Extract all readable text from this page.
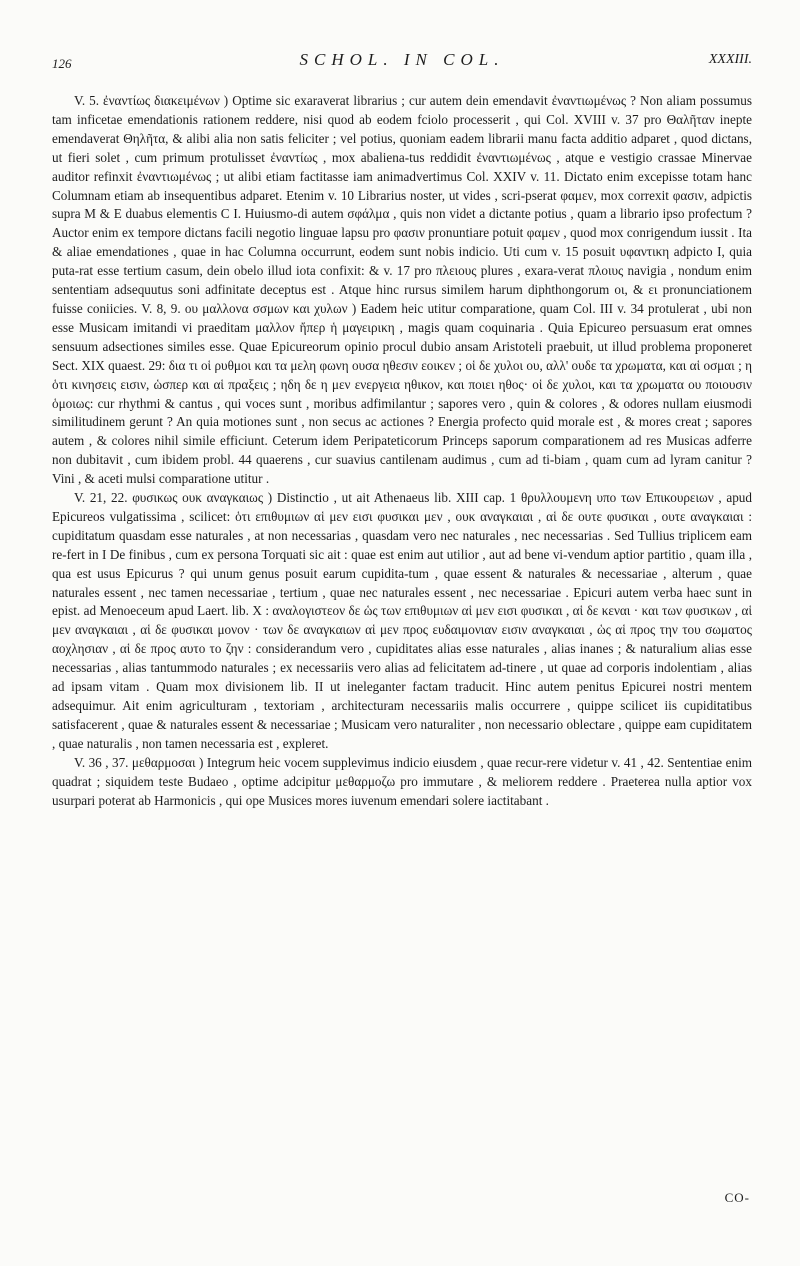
126	SCHOL. IN COL.	XXXIII.

V. 5. ἐναντίως διακειμένων ) Optime sic exaraverat librarius ; cur autem dein emendavit ἐναντιωμένως ? Non aliam possumus tam inficetae emendationis rationem reddere, nisi quod ab eodem fciolo processerit , qui Col. XVIII v. 37 pro Θαλῆταν inepte emendaverat Θηλῆτα, & alibi alia non satis feliciter ; vel potius, quoniam eadem librarii manu facta additio adparet , quod dictans, ut fieri solet , cum primum protulisset ἐναντίως , mox abaliena-tus reddidit ἐναντιωμένως , atque e vestigio crassae Minervae auditor refinxit ἐναντιωμένως ; ut alibi etiam factitasse iam animadvertimus Col. XXIV v. 11. Dictato enim excepisse totam hanc Columnam etiam ab insequentibus adparet. Etenim v. 10 Librarius noster, ut vides , scri-pserat φαμεν, mox correxit φασιν, adpictis supra M & E duabus elementis C I. Huiusmo-di autem σφάλμα , quis non videt a dictante potius , quam a librario ipso profectum ? Auctor enim ex tempore dictans facili negotio linguae lapsu pro φασιν pronuntiare potuit φαμεν , quod mox conrigendum iussit . Ita & aliae emendationes , quae in hac Columna occurrunt, eodem sunt nobis indicio. Uti cum v. 15 posuit υφαντικη adpicto I, quia puta-rat esse tertium casum, dein obelo illud iota confixit: & v. 17 pro πλειους plures , exara-verat πλοιυς navigia , nondum enim sententiam adsequutus soni adfinitate deceptus est . Atque hinc rursus similem harum diphthongorum οι, & ει pronunciationem fuisse coniicies. V. 8, 9. ου μαλλονα σσμων και χυλων ) Eadem heic utitur comparatione, quam Col. III v. 34 protulerat , ubi non esse Musicam imitandi vi praeditam μαλλον ἤπερ ἡ μαγειρικη , magis quam coquinaria . Quia Epicureo persuasum erat omnes sensuum adsectiones similes esse. Quae Epicureorum opinio procul dubio ansam Aristoteli praebuit, ut illud problema proponeret Sect. XIX quaest. 29: δια τι οἱ ρυθμοι και τα μελη φωνη ουσα ηθεσιν εοικεν ; οἱ δε χυλοι ου, αλλ' ουδε τα χρωματα, και αἱ οσμαι ; η ὁτι κινησεις εισιν, ὡσπερ και αἱ πραξεις ; ηδη δε η μεν ενεργεια ηθικον, και ποιει ηθος· οἱ δε χυλοι, και τα χρωματα ου ποιουσιν ὁμοιως: cur rhythmi & cantus , qui voces sunt , moribus adfimilantur ; sapores vero , quin & colores , & odores nullam eiusmodi similitudinem gerunt ? An quia motiones sunt , non secus ac actiones ? Energia profecto quid morale est , & mores creat ; sapores autem , & colores nihil simile efficiunt. Ceterum idem Peripateticorum Princeps saporum comparationem ad res Musicas adferre non dubitavit , cum ibidem probl. 44 quaerens , cur suavius cantilenam audimus , cum ad ti-biam , quam cum ad lyram canitur ? Vini , & aceti mulsi comparatione utitur .

V. 21, 22. φυσικως ουκ αναγκαιως ) Distinctio , ut ait Athenaeus lib. XIII cap. 1 θρυλλουμενη υπο των Επικουρειων , apud Epicureos vulgatissima , scilicet: ὁτι επιθυμιων αἱ μεν εισι φυσικαι μεν , ουκ αναγκαιαι , αἱ δε ουτε φυσικαι , ουτε αναγκαιαι : cupiditatum quasdam esse naturales , at non necessarias , quasdam vero nec naturales , nec necessarias . Sed Tullius triplicem eam re-fert in I De finibus , cum ex persona Torquati sic ait : quae est enim aut utilior , aut ad bene vi-vendum aptior partitio , quam illa , qua est usus Epicurus ? qui unum genus posuit earum cupidita-tum , quae essent & naturales & necessariae , alterum , quae naturales essent , nec tamen necessariae , tertium , quae nec naturales essent , nec necessariae . Epicuri autem verba haec sunt in epist. ad Menoeceum apud Laert. lib. X : αναλογιστεον δε ὡς των επιθυμιων αἱ μεν εισι φυσικαι , αἱ δε κεναι · και των φυσικων , αἱ μεν αναγκαιαι , αἱ δε φυσικαι μονον · των δε αναγκαιων αἱ μεν προς ευδαιμονιαν εισιν αναγκαιαι , ὡς αἱ προς την του σωματος αοχλησιαν , αἱ δε προς αυτο το ζην : considerandum vero , cupiditates alias esse naturales , alias inanes ; & naturalium alias esse necessarias , alias tantummodo naturales ; ex necessariis vero alias ad felicitatem ad-tinere , ut quae ad corporis indolentiam , alias ad ipsam vitam . Quam mox divisionem lib. II ut ineleganter factam traducit. Hinc autem penitus Epicurei nostri mentem adsequimur. Ait enim agriculturam , textoriam , architecturam necessariis malis occurrere , quippe scilicet iis cupiditatibus satisfacerent , quae & naturales essent & necessariae ; Musicam vero naturaliter , non necessario oblectare , quippe eam cupiditatem , quae naturalis , non tamen necessaria est , expleret.

V. 36 , 37. μεθαρμοσαι ) Integrum heic vocem supplevimus indicio eiusdem , quae recur-rere videtur v. 41 , 42. Sententiae enim quadrat ; siquidem teste Budaeo , optime adcipitur μεθαρμοζω pro immutare , & meliorem reddere . Praeterea nulla aptior vox usurpari poterat ab Harmonicis , qui ope Musices mores iuvenum emendari solere iactitabant .

CO-
